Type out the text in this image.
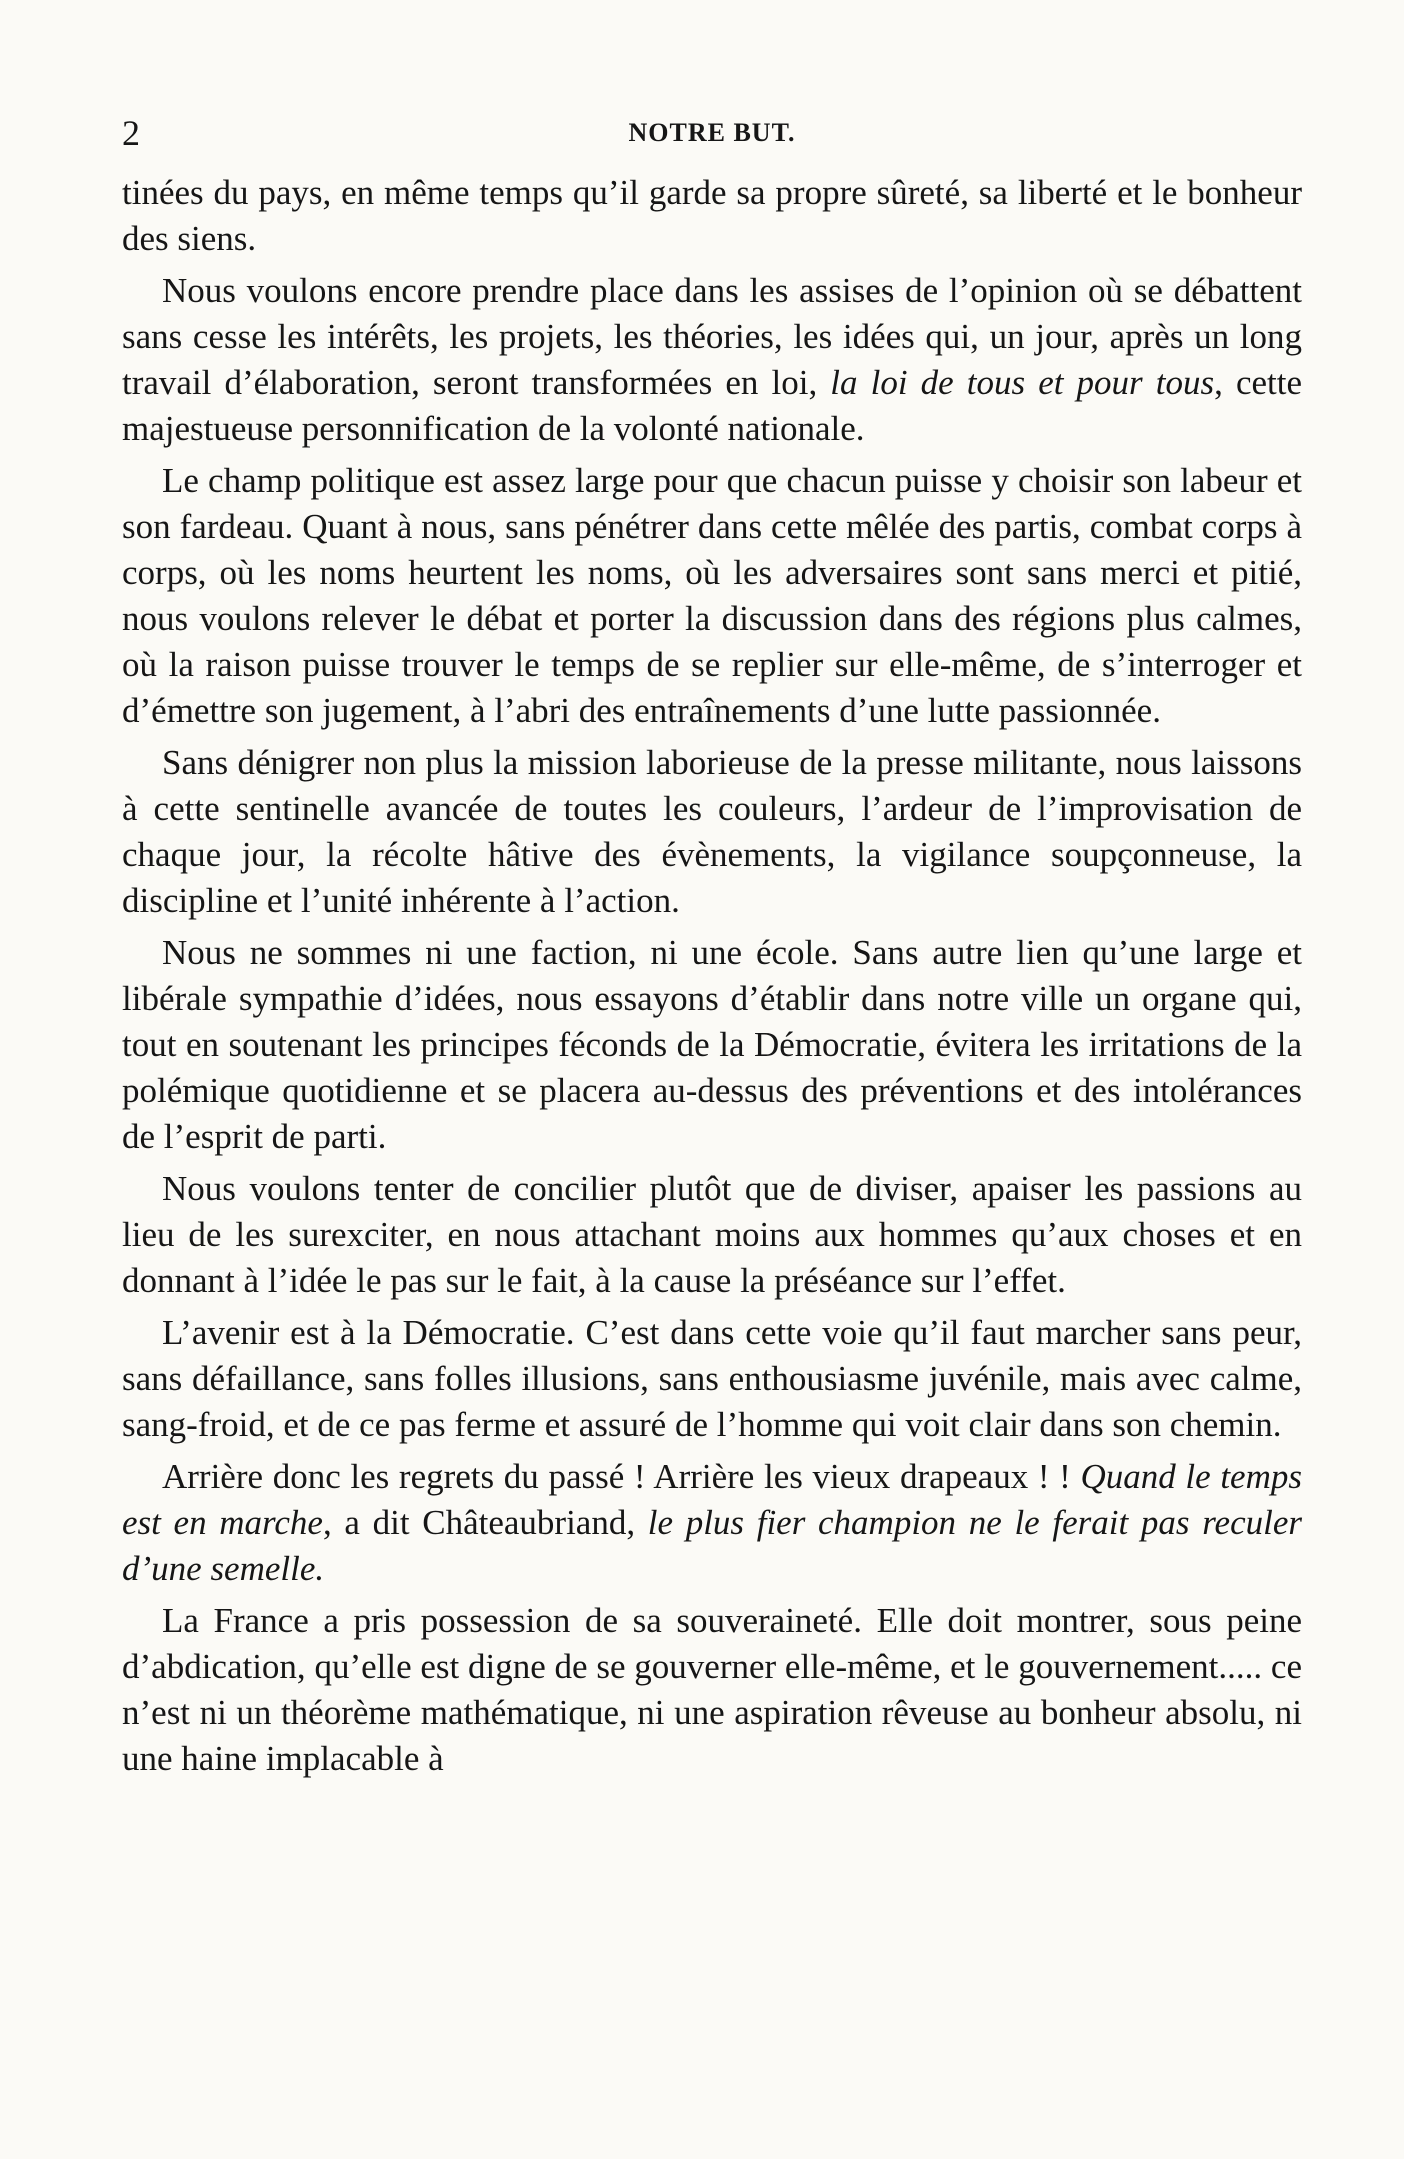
2	NOTRE BUT.

tinées du pays, en même temps qu’il garde sa propre sûreté, sa liberté et le bonheur des siens.

Nous voulons encore prendre place dans les assises de l’opinion où se débattent sans cesse les intérêts, les projets, les théories, les idées qui, un jour, après un long travail d’élaboration, seront transformées en loi, la loi de tous et pour tous, cette majestueuse personnification de la volonté nationale.

Le champ politique est assez large pour que chacun puisse y choisir son labeur et son fardeau. Quant à nous, sans pénétrer dans cette mêlée des partis, combat corps à corps, où les noms heurtent les noms, où les adversaires sont sans merci et pitié, nous voulons relever le débat et porter la discussion dans des régions plus calmes, où la raison puisse trouver le temps de se replier sur elle-même, de s’interroger et d’émettre son jugement, à l’abri des entraînements d’une lutte passionnée.

Sans dénigrer non plus la mission laborieuse de la presse militante, nous laissons à cette sentinelle avancée de toutes les couleurs, l’ardeur de l’improvisation de chaque jour, la récolte hâtive des évènements, la vigilance soupçonneuse, la discipline et l’unité inhérente à l’action.

Nous ne sommes ni une faction, ni une école. Sans autre lien qu’une large et libérale sympathie d’idées, nous essayons d’établir dans notre ville un organe qui, tout en soutenant les principes féconds de la Démocratie, évitera les irritations de la polémique quotidienne et se placera au-dessus des préventions et des intolérances de l’esprit de parti.

Nous voulons tenter de concilier plutôt que de diviser, apaiser les passions au lieu de les surexciter, en nous attachant moins aux hommes qu’aux choses et en donnant à l’idée le pas sur le fait, à la cause la préséance sur l’effet.

L’avenir est à la Démocratie. C’est dans cette voie qu’il faut marcher sans peur, sans défaillance, sans folles illusions, sans enthousiasme juvénile, mais avec calme, sang-froid, et de ce pas ferme et assuré de l’homme qui voit clair dans son chemin.

Arrière donc les regrets du passé ! Arrière les vieux drapeaux ! ! Quand le temps est en marche, a dit Châteaubriand, le plus fier champion ne le ferait pas reculer d’une semelle.

La France a pris possession de sa souveraineté. Elle doit montrer, sous peine d’abdication, qu’elle est digne de se gouverner elle-même, et le gouvernement..... ce n’est ni un théorème mathématique, ni une aspiration rêveuse au bonheur absolu, ni une haine implacable à
